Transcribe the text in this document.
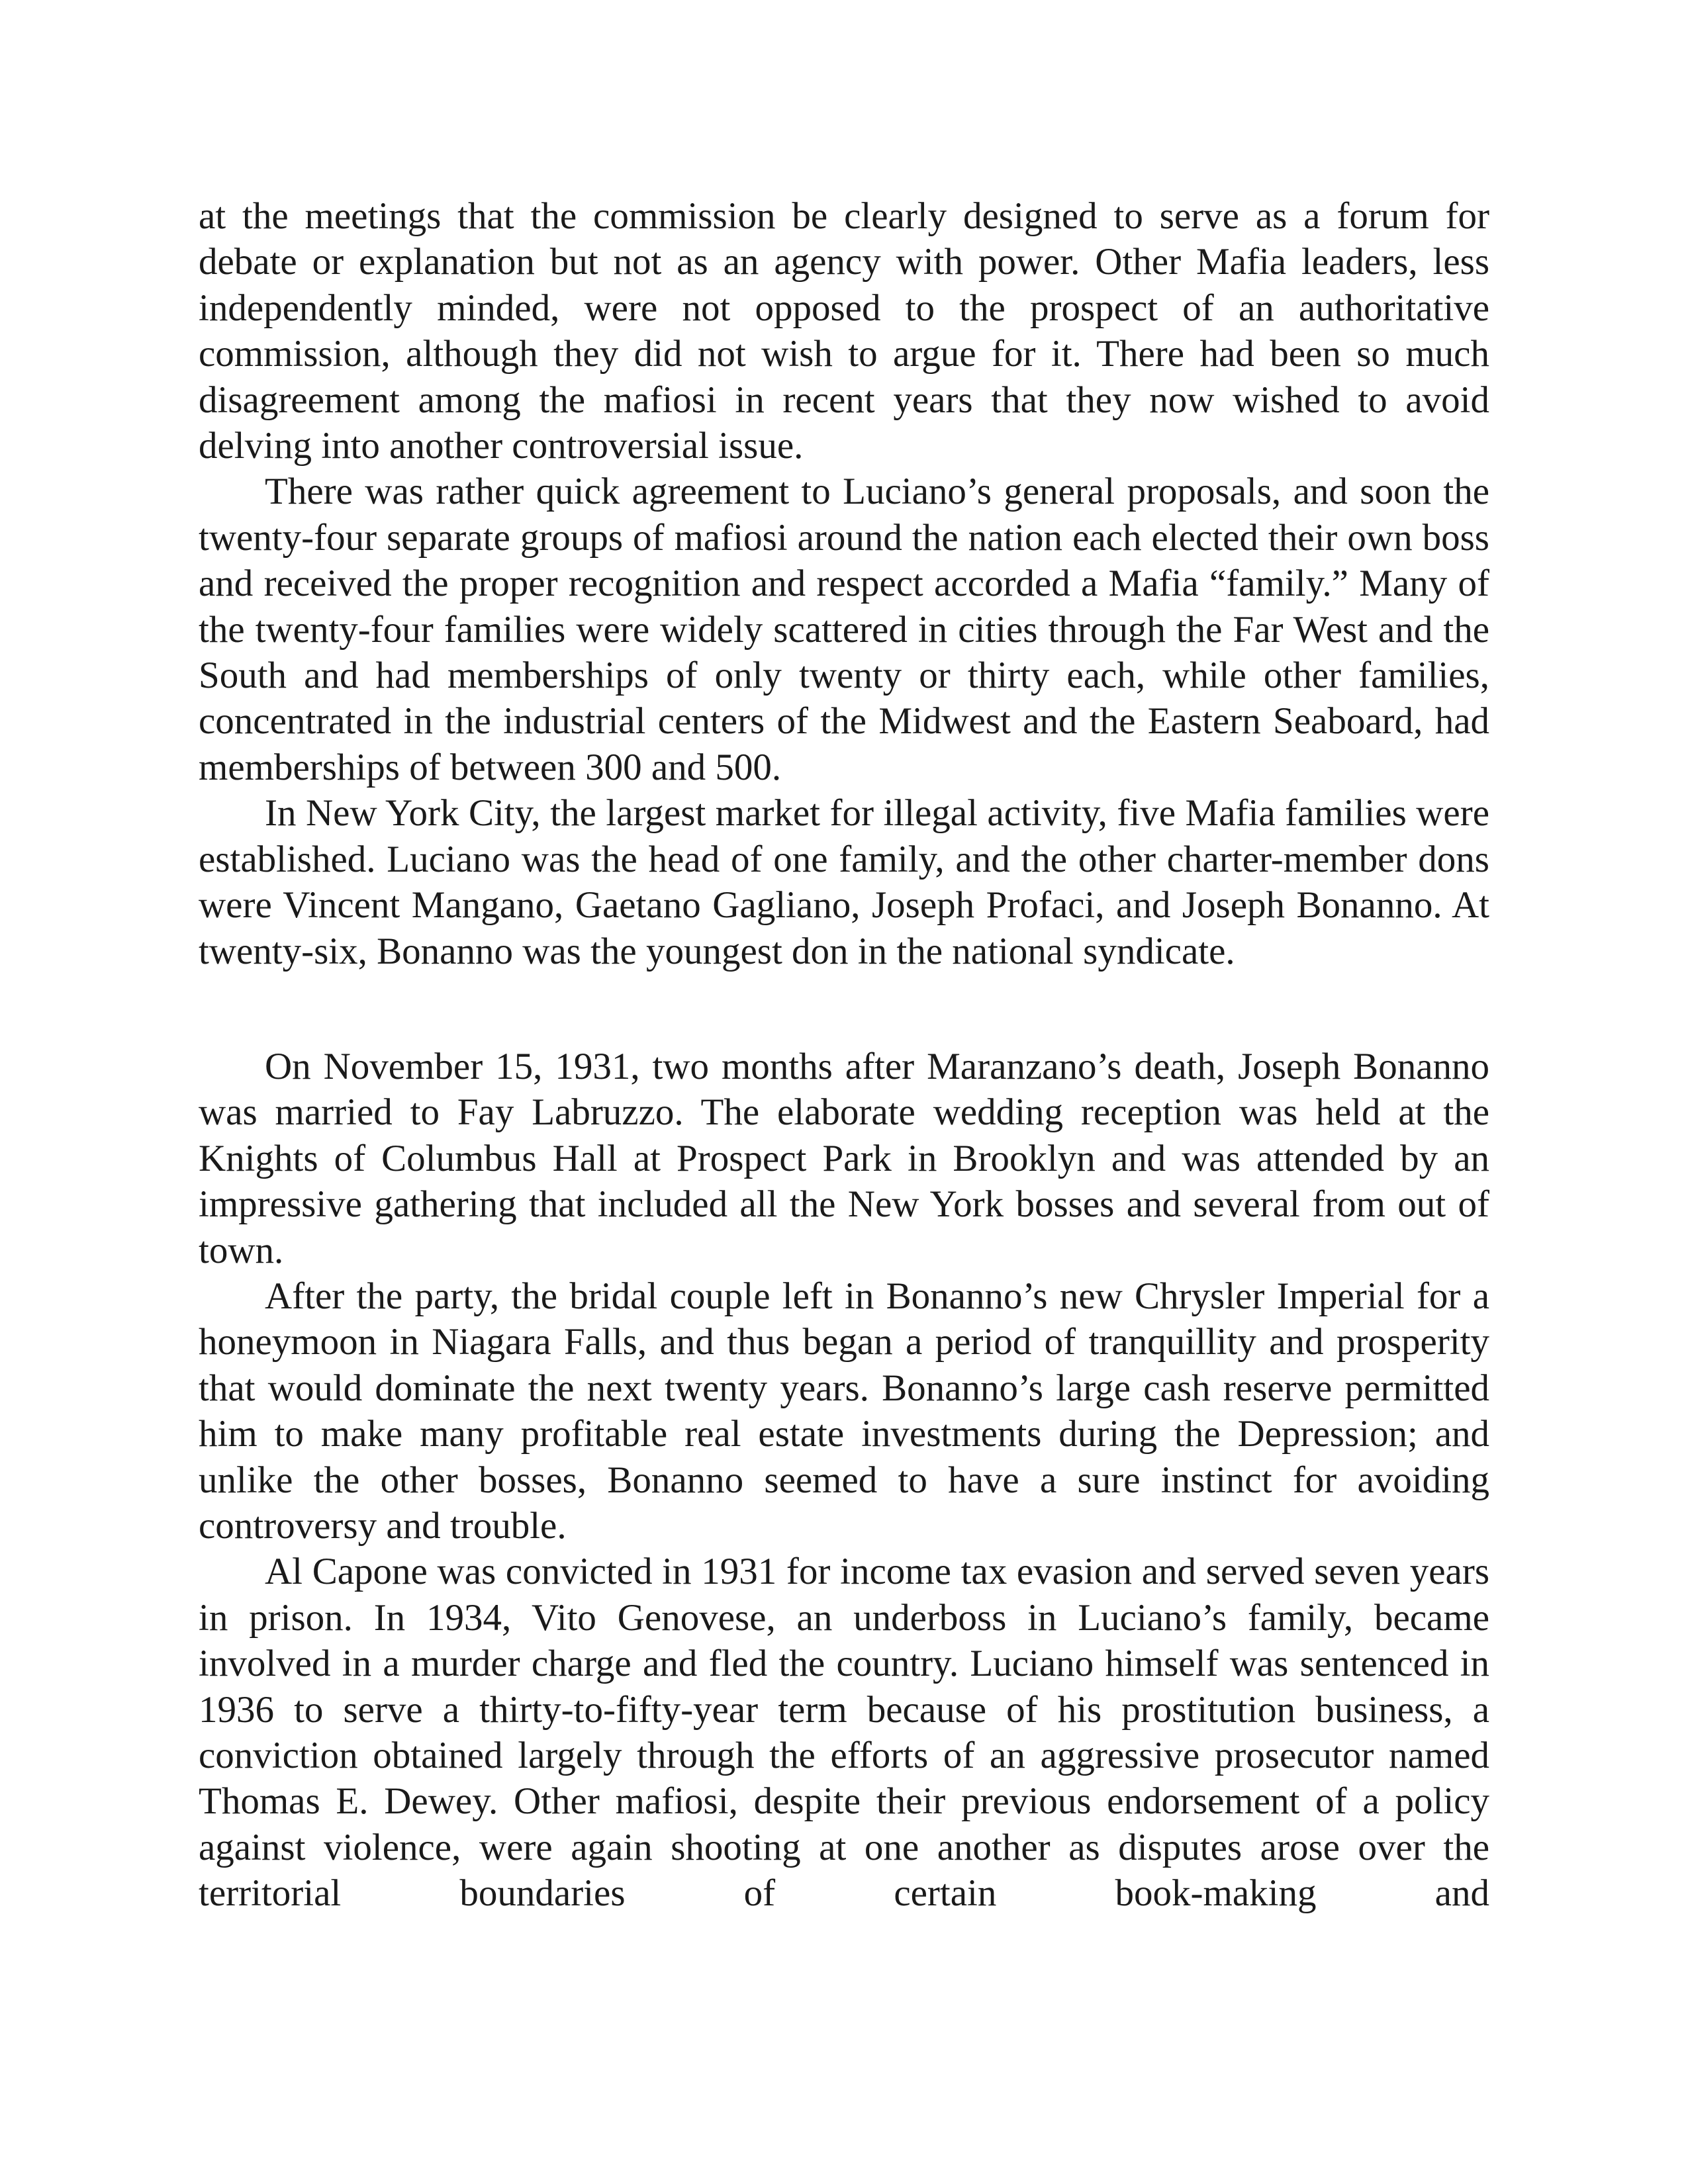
at the meetings that the commission be clearly designed to serve as a forum for debate or explanation but not as an agency with power. Other Mafia leaders, less independently minded, were not opposed to the prospect of an authoritative commission, although they did not wish to argue for it. There had been so much disagreement among the mafiosi in recent years that they now wished to avoid delving into another controversial issue.

There was rather quick agreement to Luciano’s general proposals, and soon the twenty-four separate groups of mafiosi around the nation each elected their own boss and received the proper recognition and respect accorded a Mafia “family.” Many of the twenty-four families were widely scattered in cities through the Far West and the South and had memberships of only twenty or thirty each, while other families, concentrated in the industrial centers of the Midwest and the Eastern Seaboard, had memberships of between 300 and 500.

In New York City, the largest market for illegal activity, five Mafia families were established. Luciano was the head of one family, and the other charter-member dons were Vincent Mangano, Gaetano Gagliano, Joseph Profaci, and Joseph Bonanno. At twenty-six, Bonanno was the youngest don in the national syndicate.

On November 15, 1931, two months after Maranzano’s death, Joseph Bonanno was married to Fay Labruzzo. The elaborate wedding reception was held at the Knights of Columbus Hall at Prospect Park in Brooklyn and was attended by an impressive gathering that included all the New York bosses and several from out of town.

After the party, the bridal couple left in Bonanno’s new Chrysler Imperial for a honeymoon in Niagara Falls, and thus began a period of tranquillity and prosperity that would dominate the next twenty years. Bonanno’s large cash reserve permitted him to make many profitable real estate investments during the Depression; and unlike the other bosses, Bonanno seemed to have a sure instinct for avoiding controversy and trouble.

Al Capone was convicted in 1931 for income tax evasion and served seven years in prison. In 1934, Vito Genovese, an underboss in Luciano’s family, became involved in a murder charge and fled the country. Luciano himself was sentenced in 1936 to serve a thirty-to-fifty-year term because of his prostitution business, a conviction obtained largely through the efforts of an aggressive prosecutor named Thomas E. Dewey. Other mafiosi, despite their previous endorsement of a policy against violence, were again shooting at one another as disputes arose over the territorial boundaries of certain book-making and
